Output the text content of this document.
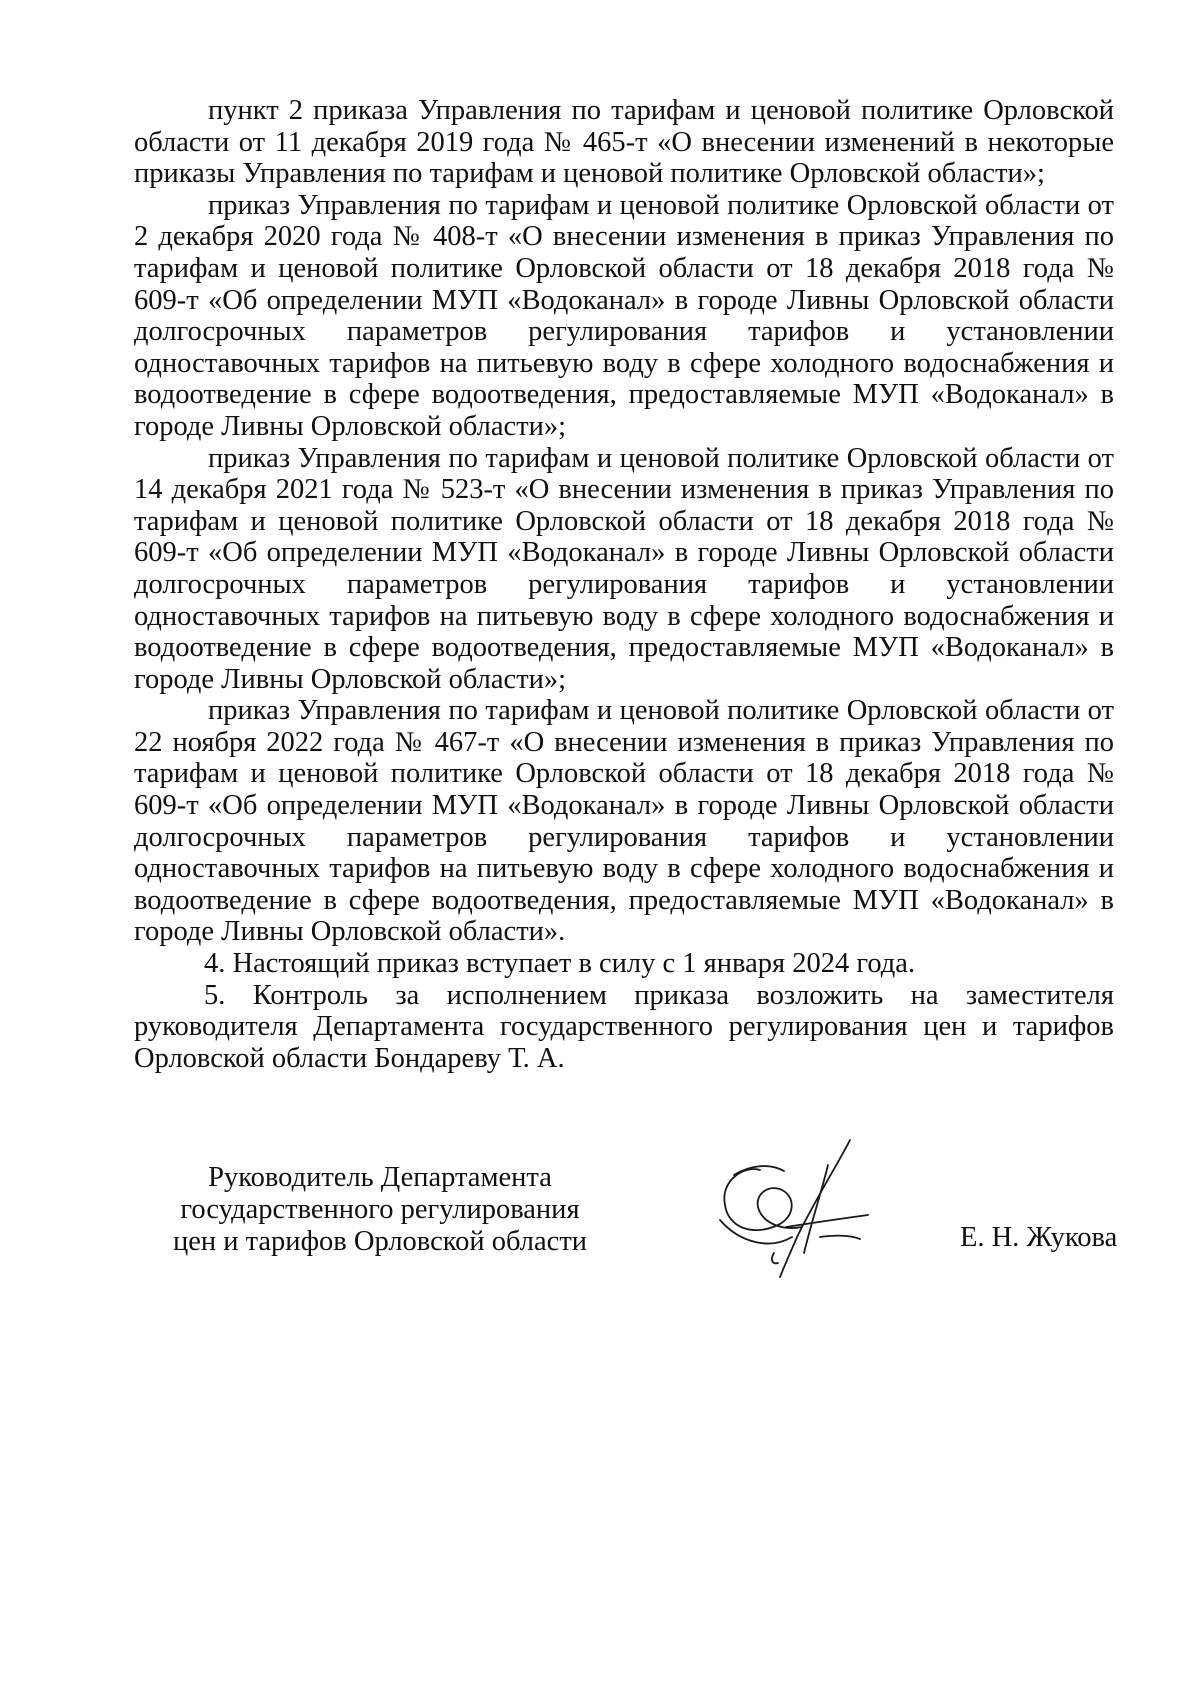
пункт 2 приказа Управления по тарифам и ценовой политике Орловской области от 11 декабря 2019 года № 465-т «О внесении изменений в некоторые приказы Управления по тарифам и ценовой политике Орловской области»;

приказ Управления по тарифам и ценовой политике Орловской области от 2 декабря 2020 года № 408-т «О внесении изменения в приказ Управления по тарифам и ценовой политике Орловской области от 18 декабря 2018 года № 609-т «Об определении МУП «Водоканал» в городе Ливны Орловской области долгосрочных параметров регулирования тарифов и установлении одноставочных тарифов на питьевую воду в сфере холодного водоснабжения и водоотведение в сфере водоотведения, предоставляемые МУП «Водоканал» в городе Ливны Орловской области»;

приказ Управления по тарифам и ценовой политике Орловской области от 14 декабря 2021 года № 523-т «О внесении изменения в приказ Управления по тарифам и ценовой политике Орловской области от 18 декабря 2018 года № 609-т «Об определении МУП «Водоканал» в городе Ливны Орловской области долгосрочных параметров регулирования тарифов и установлении одноставочных тарифов на питьевую воду в сфере холодного водоснабжения и водоотведение в сфере водоотведения, предоставляемые МУП «Водоканал» в городе Ливны Орловской области»;

приказ Управления по тарифам и ценовой политике Орловской области от 22 ноября 2022 года № 467-т «О внесении изменения в приказ Управления по тарифам и ценовой политике Орловской области от 18 декабря 2018 года № 609-т «Об определении МУП «Водоканал» в городе Ливны Орловской области долгосрочных параметров регулирования тарифов и установлении одноставочных тарифов на питьевую воду в сфере холодного водоснабжения и водоотведение в сфере водоотведения, предоставляемые МУП «Водоканал» в городе Ливны Орловской области».

4. Настоящий приказ вступает в силу с 1 января 2024 года.

5. Контроль за исполнением приказа возложить на заместителя руководителя Департамента государственного регулирования цен и тарифов Орловской области Бондареву Т. А.

Руководитель Департамента
государственного регулирования
цен и тарифов Орловской области	Е. Н. Жукова
